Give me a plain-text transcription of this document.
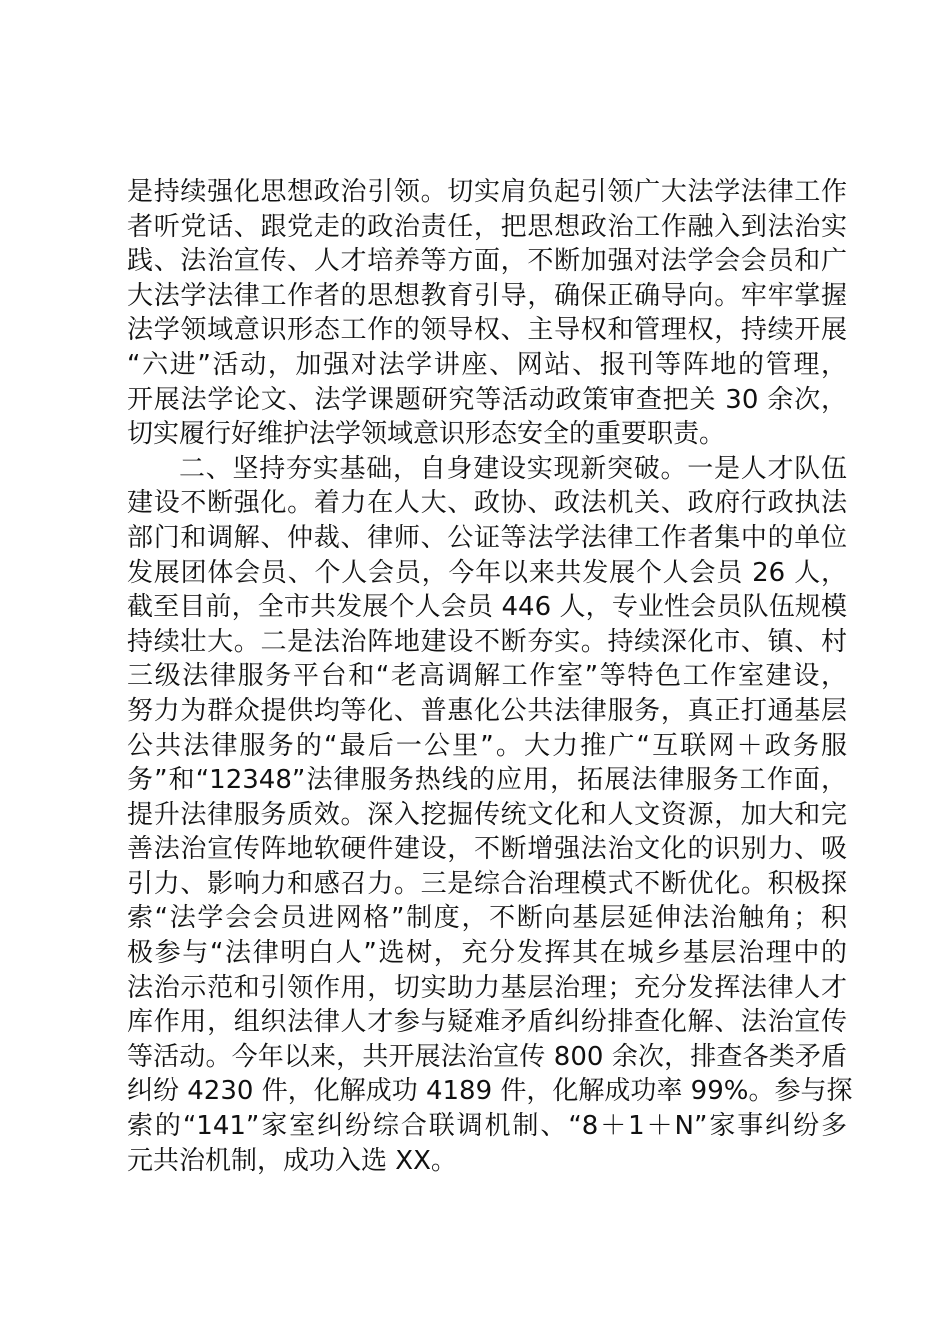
是持续强化思想政治引领。切实肩负起引领广大法学法律工作
者听党话、跟党走的政治责任，把思想政治工作融入到法治实
践、法治宣传、人才培养等方面，不断加强对法学会会员和广
大法学法律工作者的思想教育引导，确保正确导向。牢牢掌握
法学领域意识形态工作的领导权、主导权和管理权，持续开展
“六进”活动，加强对法学讲座、网站、报刊等阵地的管理，
开展法学论文、法学课题研究等活动政策审查把关 30 余次，
切实履行好维护法学领域意识形态安全的重要职责。
二、坚持夯实基础，自身建设实现新突破。一是人才队伍
建设不断强化。着力在人大、政协、政法机关、政府行政执法
部门和调解、仲裁、律师、公证等法学法律工作者集中的单位
发展团体会员、个人会员，今年以来共发展个人会员 26 人，
截至目前，全市共发展个人会员 446 人，专业性会员队伍规模
持续壮大。二是法治阵地建设不断夯实。持续深化市、镇、村
三级法律服务平台和“老高调解工作室”等特色工作室建设，
努力为群众提供均等化、普惠化公共法律服务，真正打通基层
公共法律服务的“最后一公里”。大力推广“互联网＋政务服
务”和“12348”法律服务热线的应用，拓展法律服务工作面，
提升法律服务质效。深入挖掘传统文化和人文资源，加大和完
善法治宣传阵地软硬件建设，不断增强法治文化的识别力、吸
引力、影响力和感召力。三是综合治理模式不断优化。积极探
索“法学会会员进网格”制度，不断向基层延伸法治触角；积
极参与“法律明白人”选树，充分发挥其在城乡基层治理中的
法治示范和引领作用，切实助力基层治理；充分发挥法律人才
库作用，组织法律人才参与疑难矛盾纠纷排查化解、法治宣传
等活动。今年以来，共开展法治宣传 800 余次，排查各类矛盾
纠纷 4230 件，化解成功 4189 件，化解成功率 99%。参与探
索的“141”家室纠纷综合联调机制、“8＋1＋N”家事纠纷多
元共治机制，成功入选 XX。
